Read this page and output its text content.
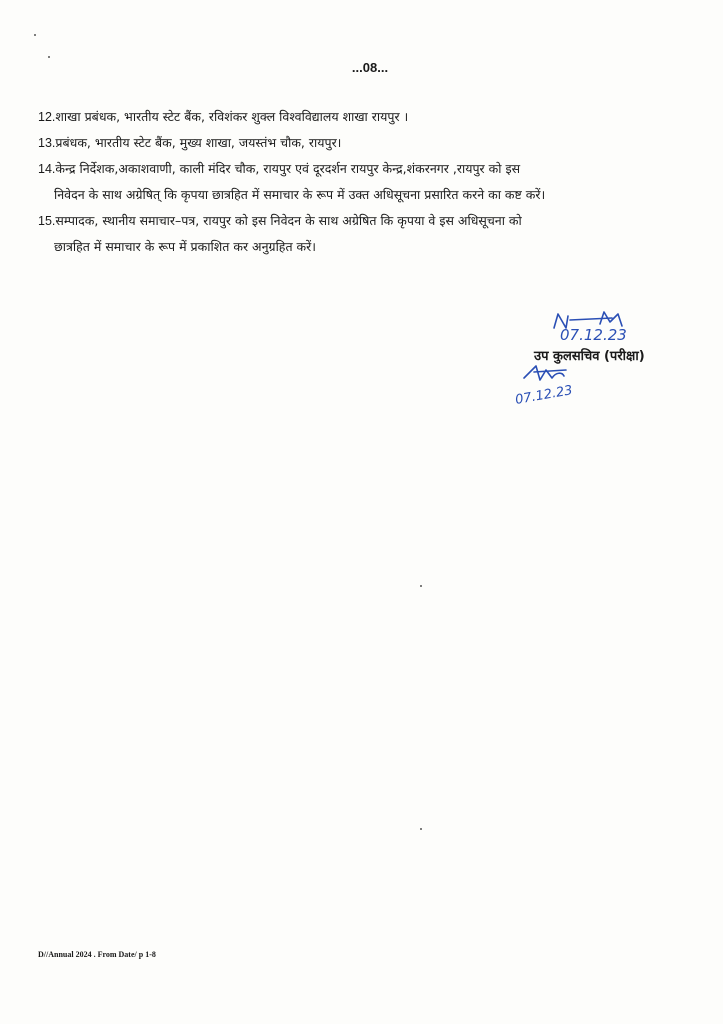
...08...

12.शाखा प्रबंधक, भारतीय स्टेट बैंक, रविशंकर शुक्ल विश्वविद्यालय शाखा रायपुर ।

13.प्रबंधक, भारतीय स्टेट बैंक, मुख्य शाखा, जयस्तंभ चौक, रायपुर।

14.केन्द्र निर्देशक,अकाशवाणी, काली मंदिर चौक, रायपुर एवं दूरदर्शन रायपुर केन्द्र,शंकरनगर ,रायपुर को इस
निवेदन के साथ अग्रेषित् कि कृपया छात्रहित में समाचार के रूप में उक्त अधिसूचना प्रसारित करने का कष्ट करें।

15.सम्पादक, स्थानीय समाचार–पत्र, रायपुर को इस निवेदन के साथ अग्रेषित कि कृपया वे इस अधिसूचना को
छात्रहित में समाचार के रूप में प्रकाशित कर अनुग्रहित करें।

07.12.23
07.12.23
उप कुलसचिव (परीक्षा)
D//Annual 2024 . From Date/ p 1-8
